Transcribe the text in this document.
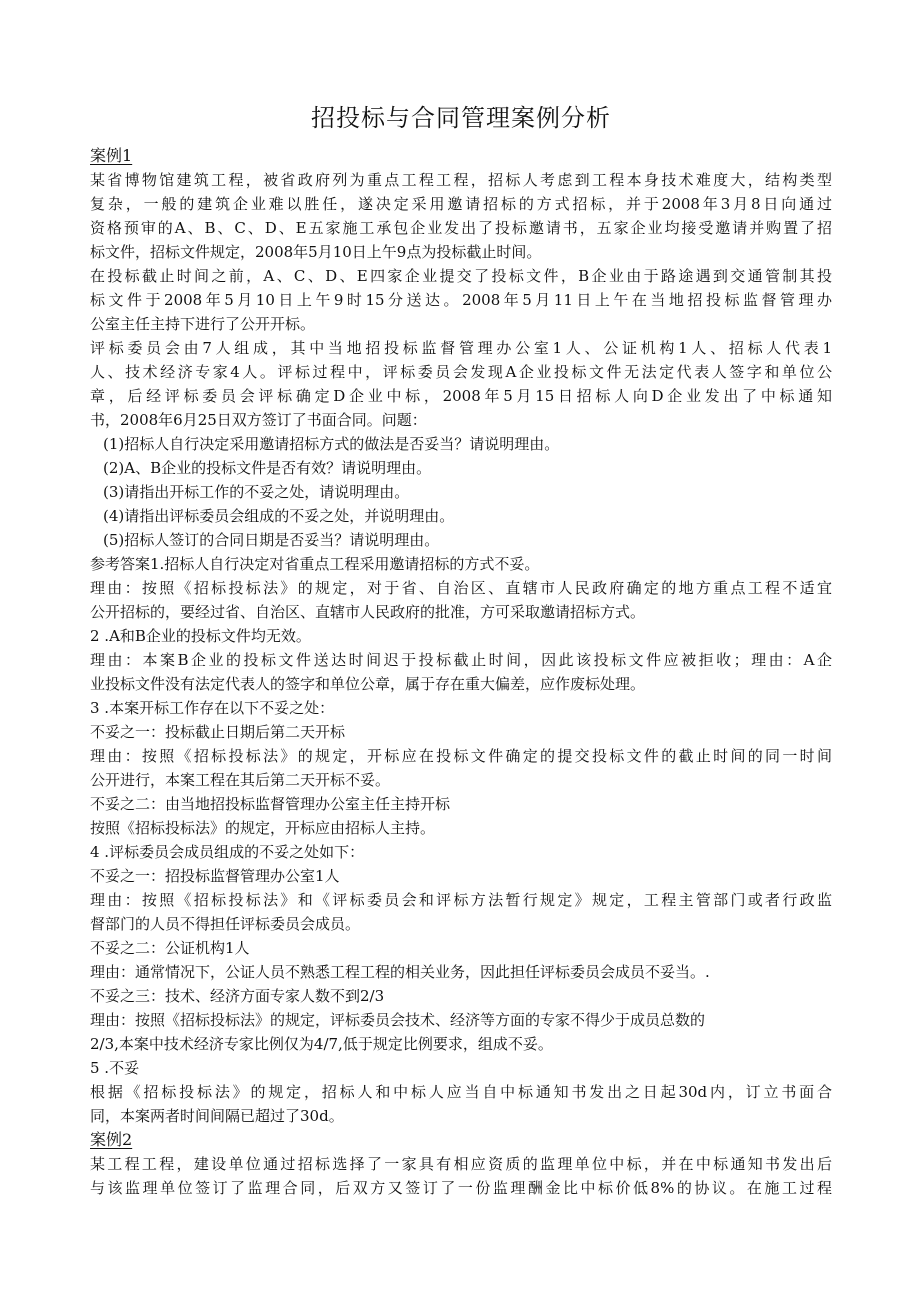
招投标与合同管理案例分析
案例1
某省博物馆建筑工程，被省政府列为重点工程工程，招标人考虑到工程本身技术难度大，结构类型
复杂，一般的建筑企业难以胜任，遂决定采用邀请招标的方式招标，并于2008年3月8日向通过
资格预审的A、B、C、D、E五家施工承包企业发出了投标邀请书，五家企业均接受邀请并购置了招
标文件，招标文件规定，2008年5月10日上午9点为投标截止时间。
在投标截止时间之前，A、C、D、E四家企业提交了投标文件，B企业由于路途遇到交通管制其投
标文件于2008年5月10日上午9时15分送达。2008年5月11日上午在当地招投标监督管理办
公室主任主持下进行了公开开标。
评标委员会由7人组成，其中当地招投标监督管理办公室1人、公证机构1人、招标人代表1
人、技术经济专家4人。评标过程中，评标委员会发现A企业投标文件无法定代表人签字和单位公
章，后经评标委员会评标确定D企业中标，2008年5月15日招标人向D企业发出了中标通知
书，2008年6月25日双方签订了书面合同。问题：
(1)招标人自行决定采用邀请招标方式的做法是否妥当？请说明理由。
(2)A、B企业的投标文件是否有效？请说明理由。
(3)请指出开标工作的不妥之处，请说明理由。
(4)请指出评标委员会组成的不妥之处，并说明理由。
(5)招标人签订的合同日期是否妥当？请说明理由。
参考答案1.招标人自行决定对省重点工程采用邀请招标的方式不妥。
理由：按照《招标投标法》的规定，对于省、自治区、直辖市人民政府确定的地方重点工程不适宜
公开招标的，要经过省、自治区、直辖市人民政府的批准，方可采取邀请招标方式。
2 .A和B企业的投标文件均无效。
理由：本案B企业的投标文件送达时间迟于投标截止时间，因此该投标文件应被拒收；理由：A企
业投标文件没有法定代表人的签字和单位公章，属于存在重大偏差，应作废标处理。
3 .本案开标工作存在以下不妥之处：
不妥之一：投标截止日期后第二天开标
理由：按照《招标投标法》的规定，开标应在投标文件确定的提交投标文件的截止时间的同一时间
公开进行，本案工程在其后第二天开标不妥。
不妥之二：由当地招投标监督管理办公室主任主持开标
按照《招标投标法》的规定，开标应由招标人主持。
4 .评标委员会成员组成的不妥之处如下：
不妥之一：招投标监督管理办公室1人
理由：按照《招标投标法》和《评标委员会和评标方法暂行规定》规定，工程主管部门或者行政监
督部门的人员不得担任评标委员会成员。
不妥之二：公证机构1人
理由：通常情况下，公证人员不熟悉工程工程的相关业务，因此担任评标委员会成员不妥当。.
不妥之三：技术、经济方面专家人数不到2/3
理由：按照《招标投标法》的规定，评标委员会技术、经济等方面的专家不得少于成员总数的
2/3,本案中技术经济专家比例仅为4/7,低于规定比例要求，组成不妥。
5 .不妥
根据《招标投标法》的规定，招标人和中标人应当自中标通知书发出之日起30d内，订立书面合
同，本案两者时间间隔已超过了30d。
案例2
某工程工程，建设单位通过招标选择了一家具有相应资质的监理单位中标，并在中标通知书发出后
与该监理单位签订了监理合同，后双方又签订了一份监理酬金比中标价低8%的协议。在施工过程
